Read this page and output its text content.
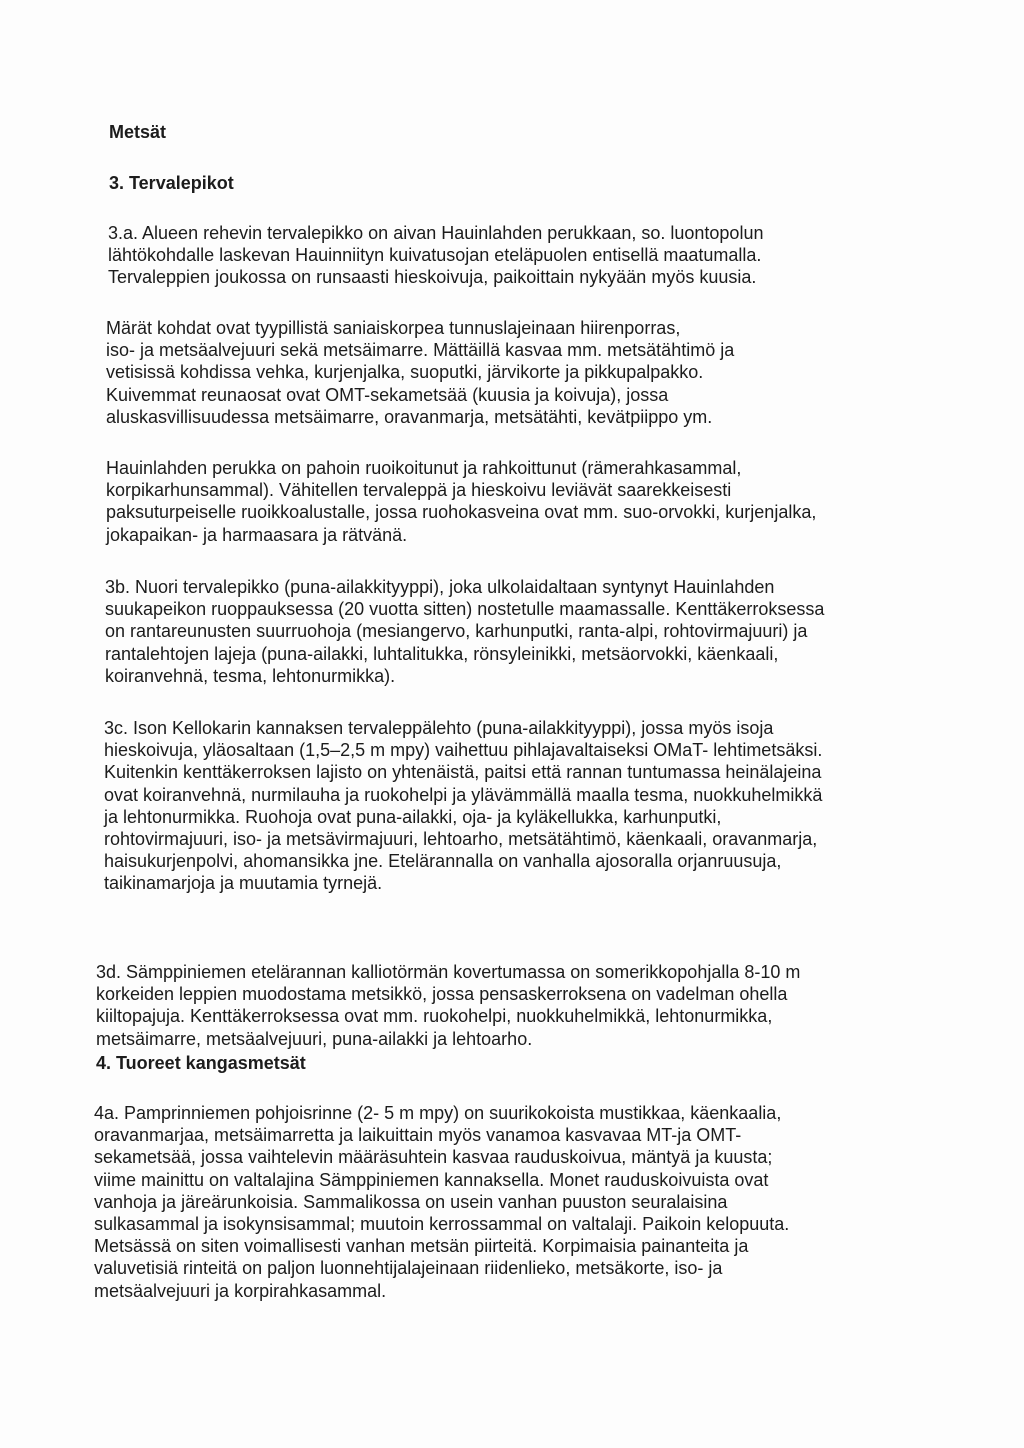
Metsät
3. Tervalepikot
3.a. Alueen rehevin tervalepikko on aivan Hauinlahden perukkaan, so. luontopolun
lähtökohdalle laskevan Hauinniityn kuivatusojan eteläpuolen entisellä maatumalla.
Tervaleppien joukossa on runsaasti hieskoivuja, paikoittain nykyään myös kuusia.
Märät kohdat ovat tyypillistä saniaiskorpea tunnuslajeinaan hiirenporras,
iso- ja metsäalvejuuri sekä metsäimarre. Mättäillä kasvaa mm. metsätähtimö ja
vetisissä kohdissa vehka, kurjenjalka, suoputki, järvikorte ja pikkupalpakko.
Kuivemmat reunaosat ovat OMT-sekametsää (kuusia ja koivuja), jossa
aluskasvillisuudessa metsäimarre, oravanmarja, metsätähti, kevätpiippo ym.
Hauinlahden perukka on pahoin ruoikoitunut ja rahkoittunut (rämerahkasammal,
korpikarhunsammal). Vähitellen tervaleppä ja hieskoivu leviävät saarekkeisesti
paksuturpeiselle ruoikkoalustalle, jossa ruohokasveina ovat mm. suo-orvokki, kurjenjalka,
jokapaikan- ja harmaasara ja rätvänä.
3b. Nuori tervalepikko (puna-ailakkityyppi), joka ulkolaidaltaan syntynyt Hauinlahden
suukapeikon ruoppauksessa (20 vuotta sitten) nostetulle maamassalle. Kenttäkerroksessa
on rantareunusten suurruohoja (mesiangervo, karhunputki, ranta-alpi, rohtovirmajuuri) ja
rantalehtojen lajeja (puna-ailakki, luhtalitukka, rönsyleinikki, metsäorvokki, käenkaali,
koiranvehnä, tesma, lehtonurmikka).
3c. Ison Kellokarin kannaksen tervaleppälehto (puna-ailakkityyppi), jossa myös isoja
hieskoivuja, yläosaltaan (1,5–2,5 m mpy) vaihettuu pihlajavaltaiseksi OMaT- lehtimetsäksi.
Kuitenkin kenttäkerroksen lajisto on yhtenäistä, paitsi että rannan tuntumassa heinälajeina
ovat koiranvehnä, nurmilauha ja ruokohelpi ja ylävämmällä maalla tesma, nuokkuhelmikkä
ja lehtonurmikka. Ruohoja ovat puna-ailakki, oja- ja kyläkellukka, karhunputki,
rohtovirmajuuri, iso- ja metsävirmajuuri, lehtoarho, metsätähtimö, käenkaali, oravanmarja,
haisukurjenpolvi, ahomansikka jne. Etelärannalla on vanhalla ajosoralla orjanruusuja,
taikinamarjoja ja muutamia tyrnejä.
3d. Sämppiniemen etelärannan kalliotörmän kovertumassa on somerikkopohjalla 8-10 m
korkeiden leppien muodostama metsikkö, jossa pensaskerroksena on vadelman ohella
kiiltopajuja. Kenttäkerroksessa ovat mm. ruokohelpi, nuokkuhelmikkä, lehtonurmikka,
metsäimarre, metsäalvejuuri, puna-ailakki ja lehtoarho.
4. Tuoreet kangasmetsät
4a. Pamprinniemen pohjoisrinne (2- 5 m mpy) on suurikokoista mustikkaa, käenkaalia,
oravanmarjaa, metsäimarretta ja laikuittain myös vanamoa kasvavaa MT-ja OMT-
sekametsää, jossa vaihtelevin määräsuhtein kasvaa rauduskoivua, mäntyä ja kuusta;
viime mainittu on valtalajina Sämppiniemen kannaksella. Monet rauduskoivuista ovat
vanhoja ja järeärunkoisia. Sammalikossa on usein vanhan puuston seuralaisina
sulkasammal ja isokynsisammal; muutoin kerrossammal on valtalaji. Paikoin kelopuuta.
Metsässä on siten voimallisesti vanhan metsän piirteitä. Korpimaisia painanteita ja
valuvetisiä rinteitä on paljon luonnehtijalajeinaan riidenlieko, metsäkorte, iso- ja
metsäalvejuuri ja korpirahkasammal.
